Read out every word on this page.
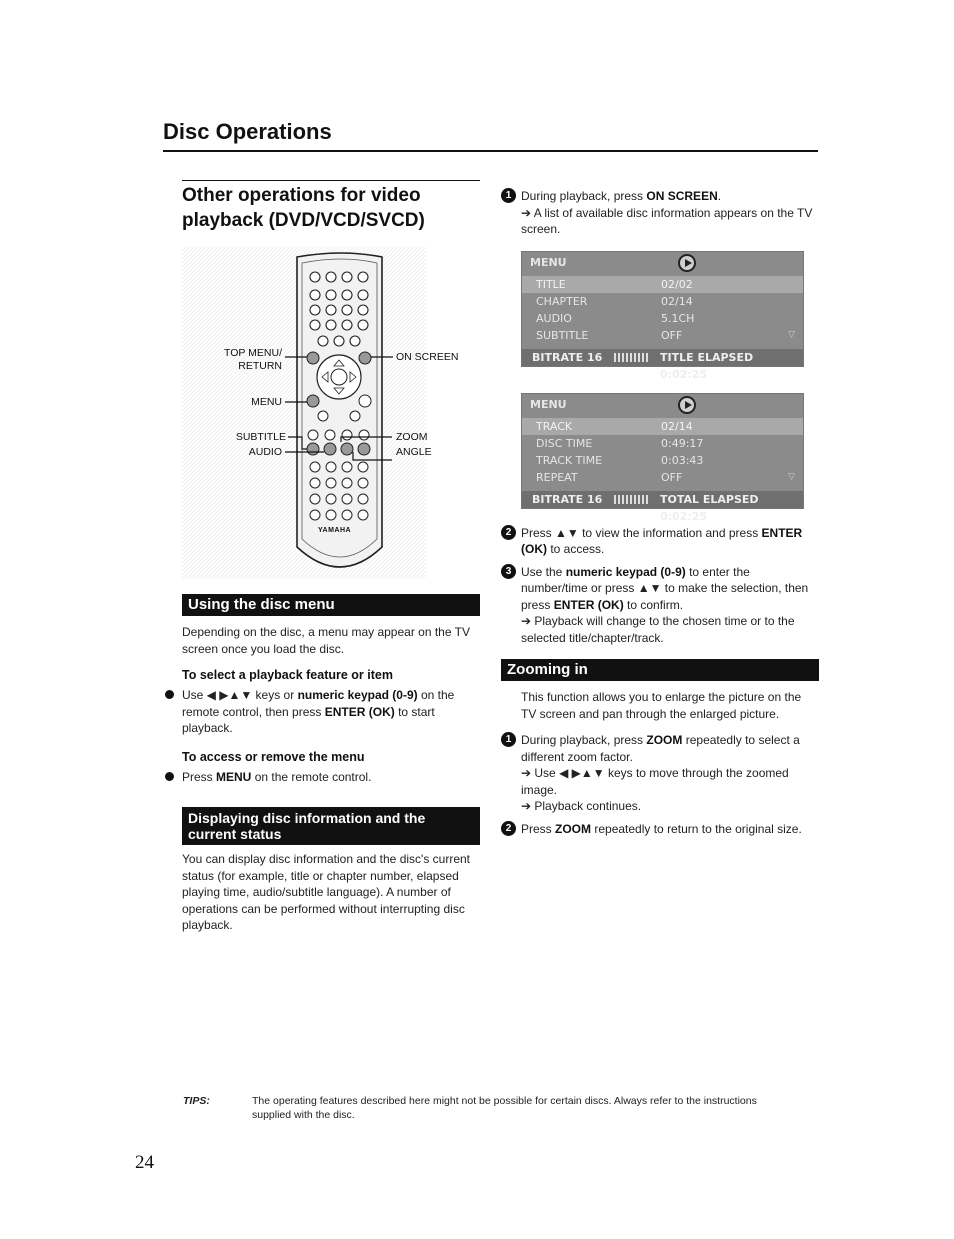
Disc Operations
Other operations for video playback (DVD/VCD/SVCD)
TOP MENU/
RETURN
ON SCREEN
MENU
SUBTITLE
AUDIO
ZOOM
ANGLE
YAMAHA
Using the disc menu

Depending on the disc, a menu may appear on the TV screen once you load the disc.

To select a playback feature or item
Use ◀ ▶▲▼ keys or numeric keypad (0-9) on the remote control, then press ENTER (OK) to start playback.
To access or remove the menu
Press MENU on the remote control.
Displaying disc information and the current status

You can display disc information and the disc's current status (for example, title or chapter number, elapsed playing time, audio/subtitle language). A number of operations can be performed without interrupting disc playback.

1 During playback, press ON SCREEN.
➔ A list of available disc information appears on the TV screen.
MENU
TITLE	02/02
CHAPTER	02/14
AUDIO	5.1CH
SUBTITLE	OFF	▽
BITRATE 16	TITLE ELAPSED 0:02:25
MENU
TRACK	02/14
DISC TIME	0:49:17
TRACK TIME	0:03:43
REPEAT	OFF	▽
BITRATE 16	TOTAL ELAPSED 0:02:25
2 Press ▲▼ to view the information and press ENTER (OK) to access.
3 Use the numeric keypad (0-9) to enter the number/time or press ▲▼ to make the selection, then press ENTER (OK) to confirm.
➔ Playback will change to the chosen time or to the selected title/chapter/track.
Zooming in

This function allows you to enlarge the picture on the TV screen and pan through the enlarged picture.

1 During playback, press ZOOM repeatedly to select a different zoom factor.
➔ Use ◀ ▶▲▼ keys to move through the zoomed image.
➔ Playback continues.
2 Press ZOOM repeatedly to return to the original size.
TIPS:	The operating features described here might not be possible for certain discs. Always refer to the instructions supplied with the disc.
24
